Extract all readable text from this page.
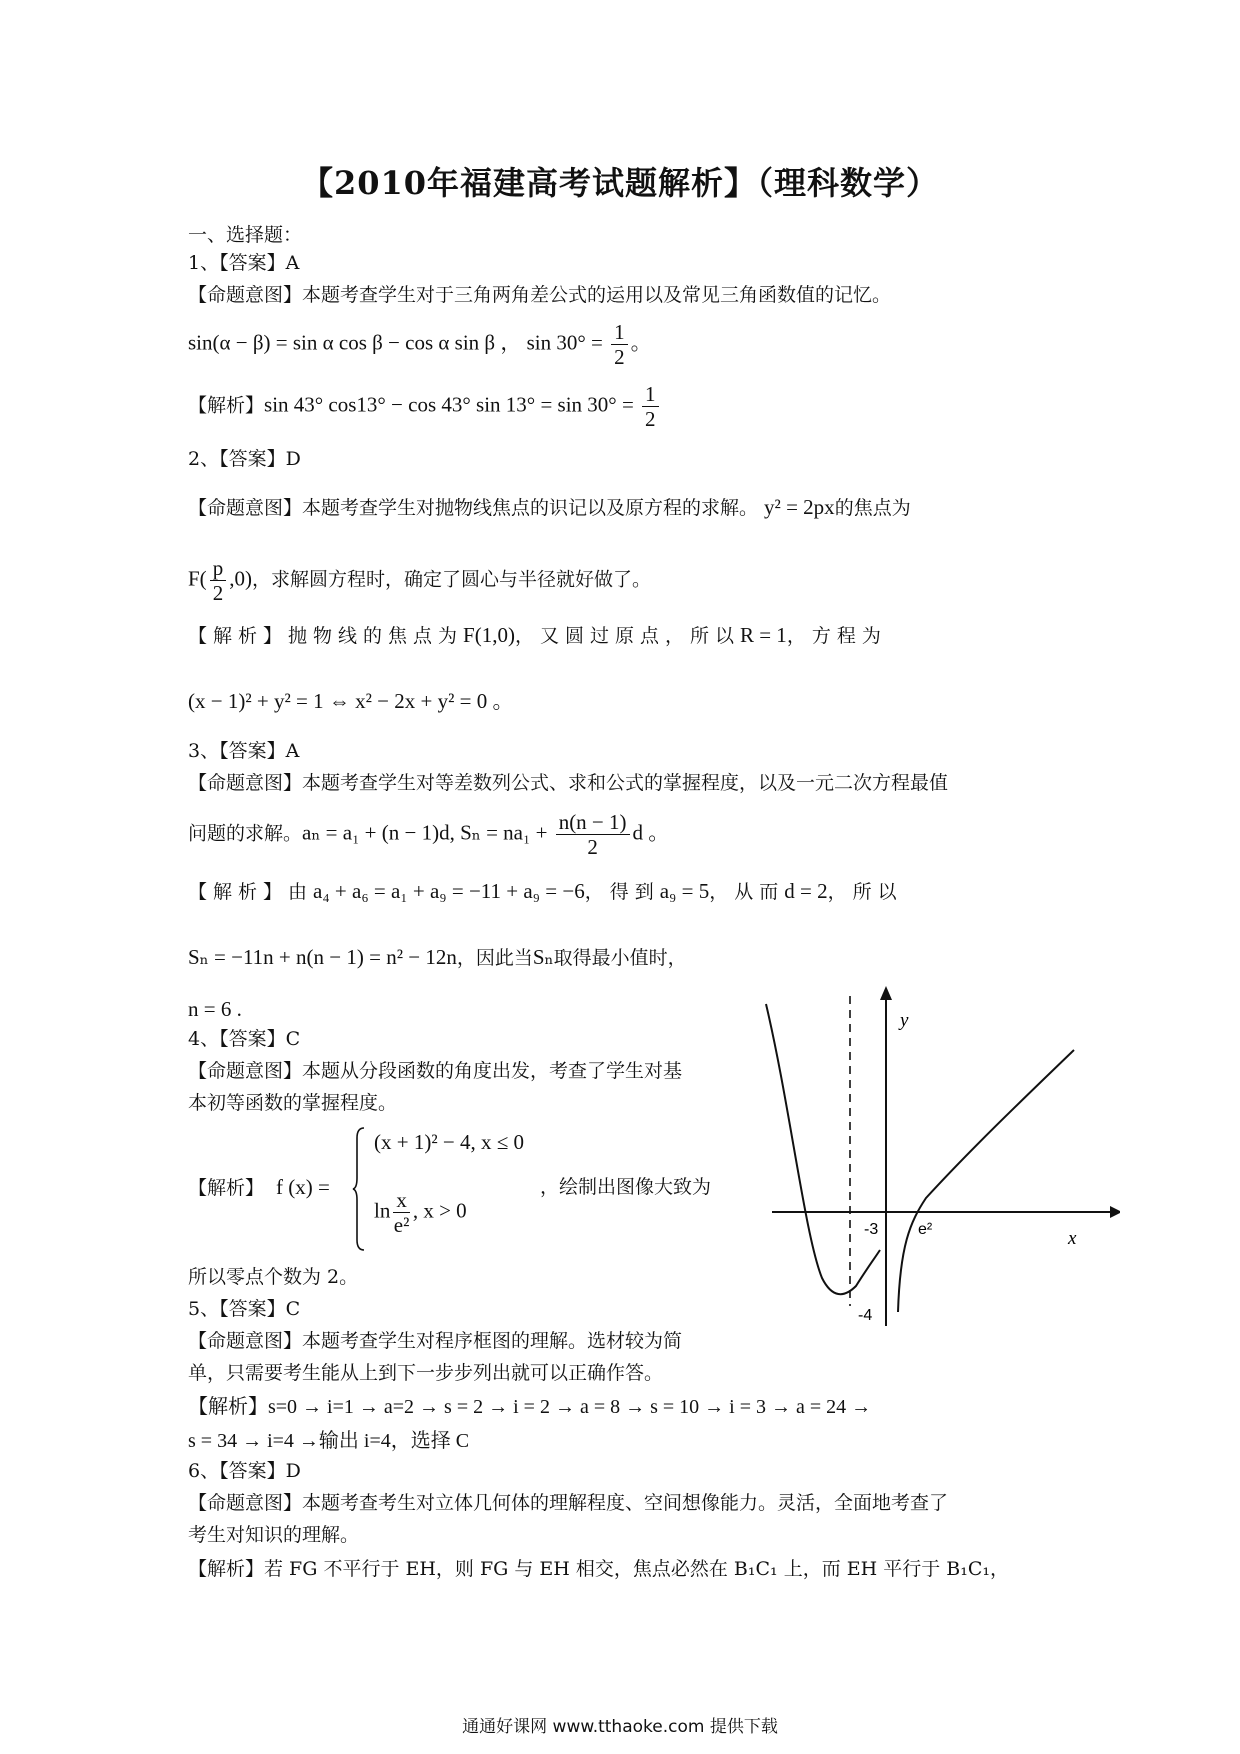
【2010年福建高考试题解析】（理科数学）
一、选择题：
1、【答案】A
【命题意图】本题考查学生对于三角两角差公式的运用以及常见三角函数值的记忆。
sin(α − β) = sin α cos β − cos α sin β ， $\sin 30^\circ = \frac{1}{2}$ 。
【解析】sin 43° cos13° − cos 43° $\sin 13^\circ = \sin 30^\circ = \frac{1}{2}$
2、【答案】D
【命题意图】本题考查学生对抛物线焦点的识记以及原方程的求解。 y² = 2px的焦点为
$F( \frac{p}{2} ,0)$，求解圆方程时，确定了圆心与半径就好做了。
【解析】抛物线的焦点为F(1,0)，又圆过原点，所以R = 1，方程为
(x − 1)² + y² = 1 ⇔ x² − 2x + y² = 0 。
3、【答案】A
【命题意图】本题考查学生对等差数列公式、求和公式的掌握程度，以及一元二次方程最值
问题的求解。aₙ = a₁ + (n − 1)d, $S_n = na_1 + \frac{n(n - 1)}{2}$ d 。
【解析】由a₄ + a₆ = a₁ + a₉ = −11 + a₉ = −6，得到a₉ = 5，从而d = 2，所以
Sₙ = −11n + n(n − 1) = n² − 12n，因此当Sₙ取得最小值时，
n = 6 .
4、【答案】C
【命题意图】本题从分段函数的角度出发，考查了学生对基
本初等函数的掌握程度。
【解析】 f (x) =
(x + 1)² − 4, x ≤ 0
$\ln \frac{x}{\text{e²}}$ , x > 0
，绘制出图像大致为
所以零点个数为 2。
y
x
-3 e²
-4
5、【答案】C
【命题意图】本题考查学生对程序框图的理解。选材较为简
单，只需要考生能从上到下一步步列出就可以正确作答。
【解析】s=0 → i=1 → a=2 → s = 2 → i = 2 → a = 8 → s = 10 → i = 3 → a = 24 →
s = 34 → i=4 →输出 i=4，选择 C
6、【答案】D
【命题意图】本题考查考生对立体几何体的理解程度、空间想像能力。灵活，全面地考查了
考生对知识的理解。
【解析】若 FG 不平行于 EH，则 FG 与 EH 相交，焦点必然在 B₁C₁ 上，而 EH 平行于 B₁C₁，
通通好课网 www.tthaoke.com 提供下载
